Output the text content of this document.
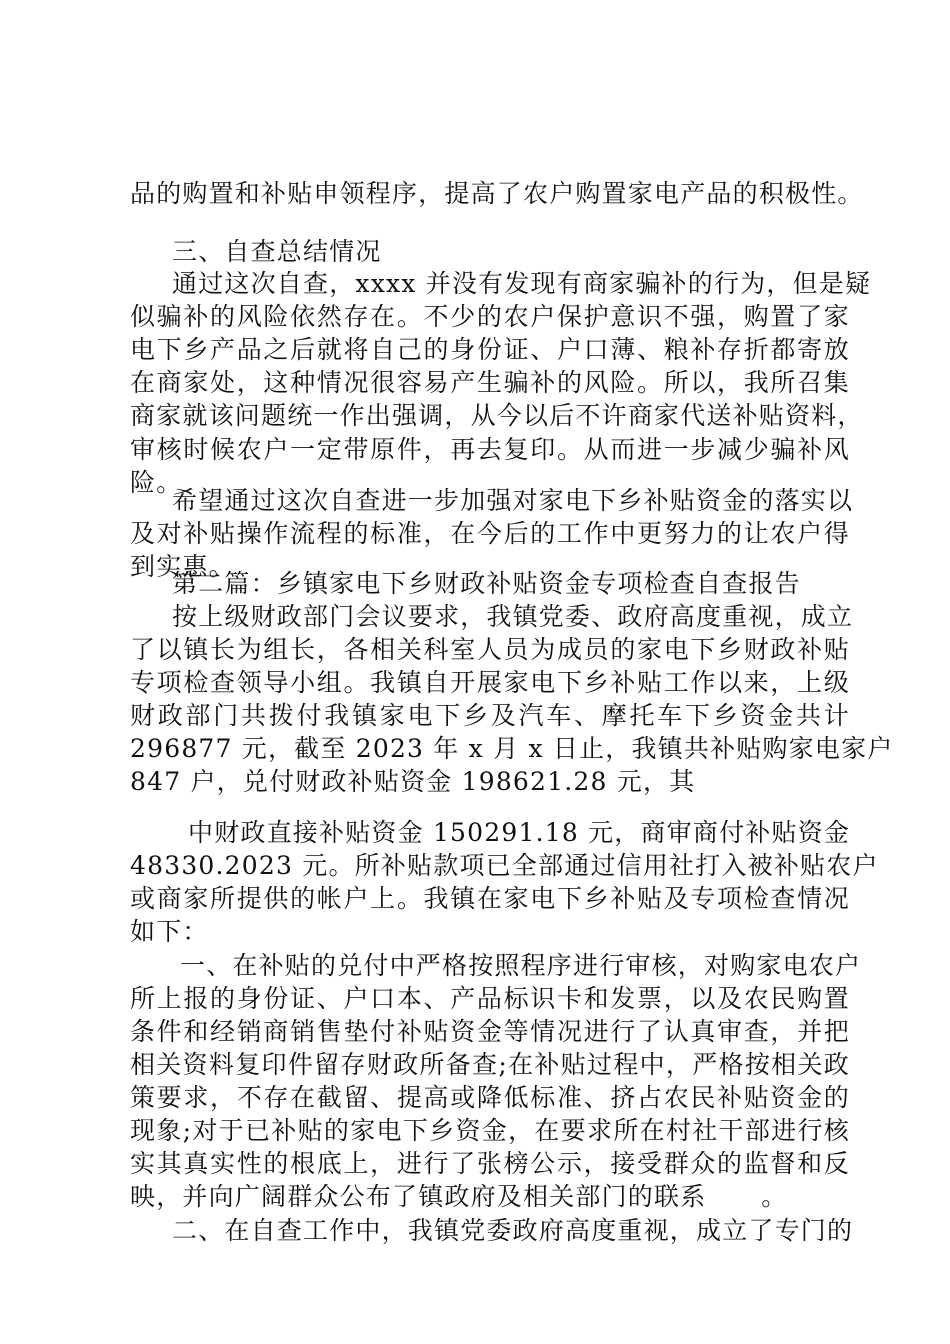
品的购置和补贴申领程序，提高了农户购置家电产品的积极性。
三、自查总结情况
通过这次自查，xxxx 并没有发现有商家骗补的行为，但是疑
似骗补的风险依然存在。不少的农户保护意识不强，购置了家
电下乡产品之后就将自己的身份证、户口薄、粮补存折都寄放
在商家处，这种情况很容易产生骗补的风险。所以，我所召集
商家就该问题统一作出强调，从今以后不许商家代送补贴资料，
审核时候农户一定带原件，再去复印。从而进一步减少骗补风
险。
希望通过这次自查进一步加强对家电下乡补贴资金的落实以
及对补贴操作流程的标准，在今后的工作中更努力的让农户得
到实惠。
第二篇：乡镇家电下乡财政补贴资金专项检查自查报告
按上级财政部门会议要求，我镇党委、政府高度重视，成立
了以镇长为组长，各相关科室人员为成员的家电下乡财政补贴
专项检查领导小组。我镇自开展家电下乡补贴工作以来，上级
财政部门共拨付我镇家电下乡及汽车、摩托车下乡资金共计
296877 元，截至 2023 年 x 月 x 日止，我镇共补贴购家电家户
847 户，兑付财政补贴资金 198621.28 元，其
中财政直接补贴资金 150291.18 元，商审商付补贴资金
48330.2023 元。所补贴款项已全部通过信用社打入被补贴农户
或商家所提供的帐户上。我镇在家电下乡补贴及专项检查情况
如下：
一、在补贴的兑付中严格按照程序进行审核，对购家电农户
所上报的身份证、户口本、产品标识卡和发票，以及农民购置
条件和经销商销售垫付补贴资金等情况进行了认真审查，并把
相关资料复印件留存财政所备查;在补贴过程中，严格按相关政
策要求，不存在截留、提高或降低标准、挤占农民补贴资金的
现象;对于已补贴的家电下乡资金，在要求所在村社干部进行核
实其真实性的根底上，进行了张榜公示，接受群众的监督和反
映，并向广阔群众公布了镇政府及相关部门的联系      。
二、在自查工作中，我镇党委政府高度重视，成立了专门的
